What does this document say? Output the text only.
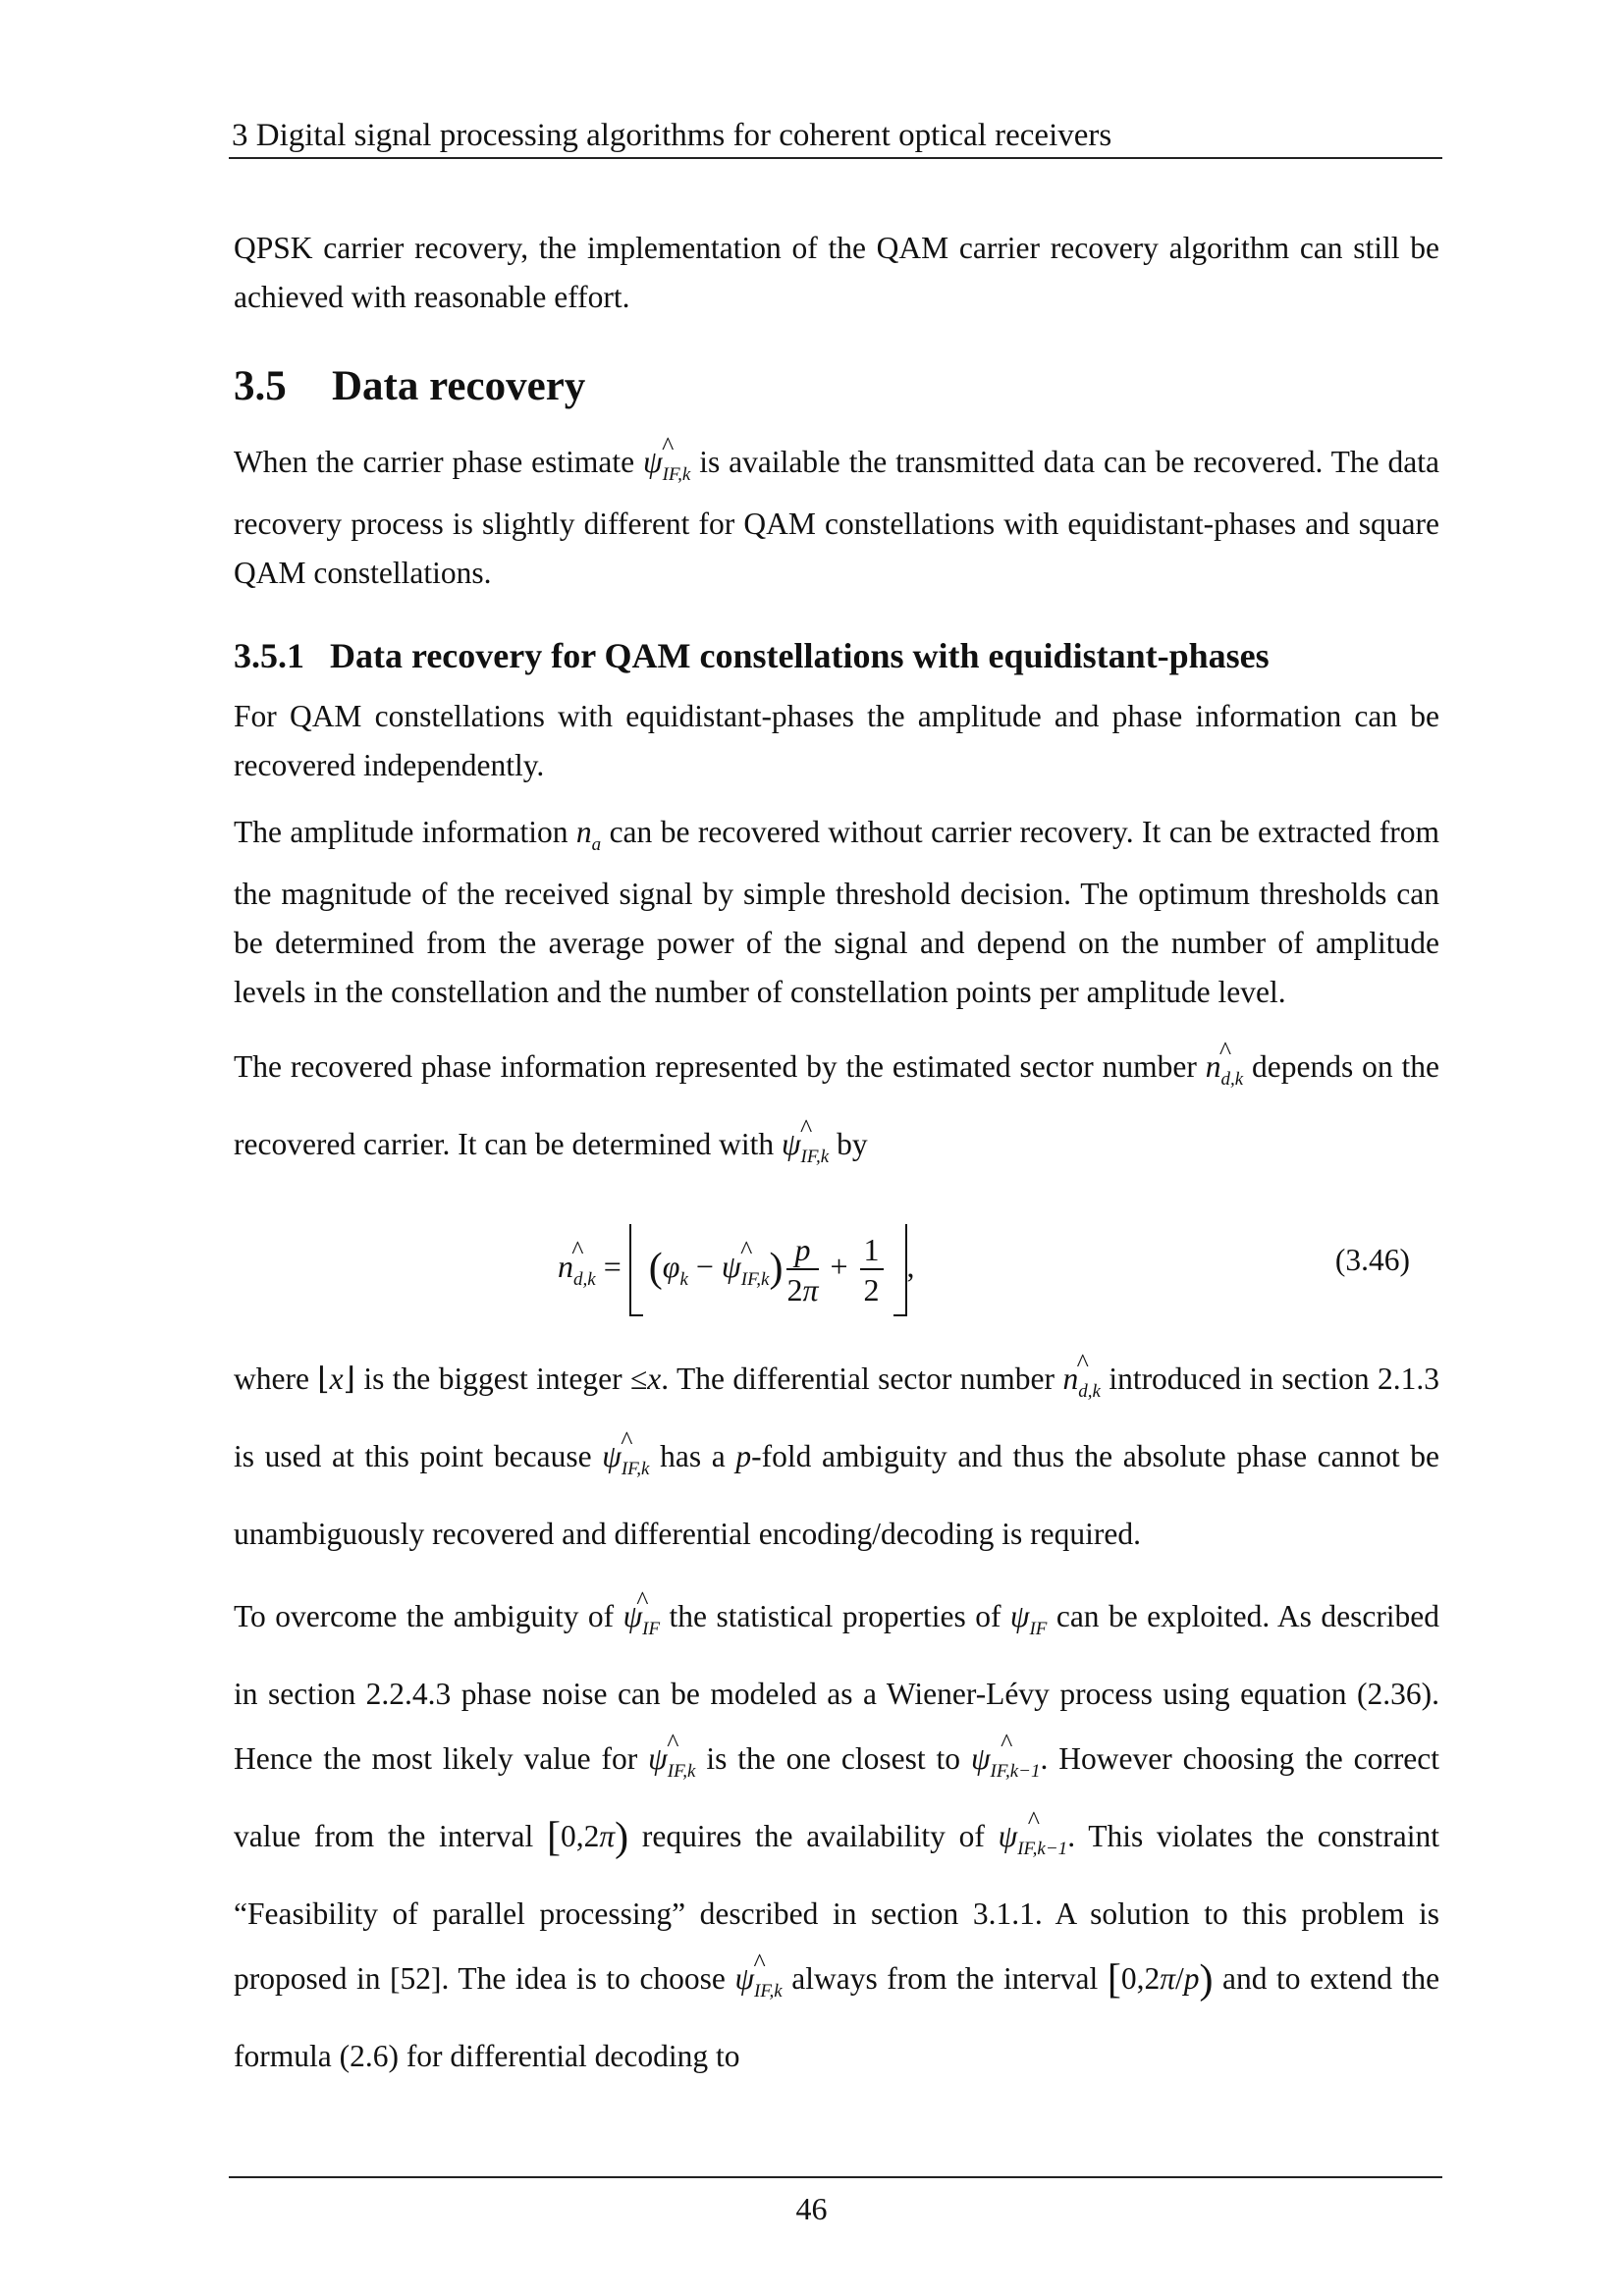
3 Digital signal processing algorithms for coherent optical receivers

QPSK carrier recovery, the implementation of the QAM carrier recovery algorithm can still be achieved with reasonable effort.

3.5 Data recovery

When the carrier phase estimate	^
$\psi_{IF,k}$ is available the transmitted data can be recovered. The data recovery process is slightly different for QAM constellations with equidistant-phases and square QAM constellations.

3.5.1 Data recovery for QAM constellations with equidistant-phases

For QAM constellations with equidistant-phases the amplitude and phase information can be recovered independently.

The amplitude information $n_a$ can be recovered without carrier recovery. It can be extracted from the magnitude of the received signal by simple threshold decision. The optimum thresholds can be determined from the average power of the signal and depend on the number of amplitude levels in the constellation and the number of constellation points per amplitude level.

The recovered phase information represented by the estimated sector number ^
$n_{d,k}$ depends on the recovered carrier. It can be determined with	^
$\psi_{IF,k}$ by

^
$n_{d,k} = (\varphi_k$ − ^
$\psi_{IF,k}) \frac{p}{2\pi} + \frac{1}{2}$ ,	(3.46)

where ⌊x⌋ is the biggest integer ≤x. The differential sector number ^
$n_{d,k}$ introduced in section 2.1.3 is used at this point because	^
$\psi_{IF,k}$ has a p-fold ambiguity and thus the absolute phase cannot be unambiguously recovered and differential encoding/decoding is required.

To overcome the ambiguity of ^
$\psi_{IF}$ the statistical properties of $\psi_{IF}$ can be exploited. As described in section 2.2.4.3 phase noise can be modeled as a Wiener-Lévy process using equation (2.36). Hence the most likely value for	^
$\psi_{IF,k}$ is the one closest to	^
$\psi_{IF,k-1}$. However choosing the correct value from the interval [0,2π) requires the availability of	^
$\psi_{IF,k-1}$. This violates the constraint “Feasibility of parallel processing” described in section 3.1.1. A solution to this problem is proposed in [52]. The idea is to choose	^
$\psi_{IF,k}$ always from the interval [0,2π/p) and to extend the formula (2.6) for differential decoding to

46
